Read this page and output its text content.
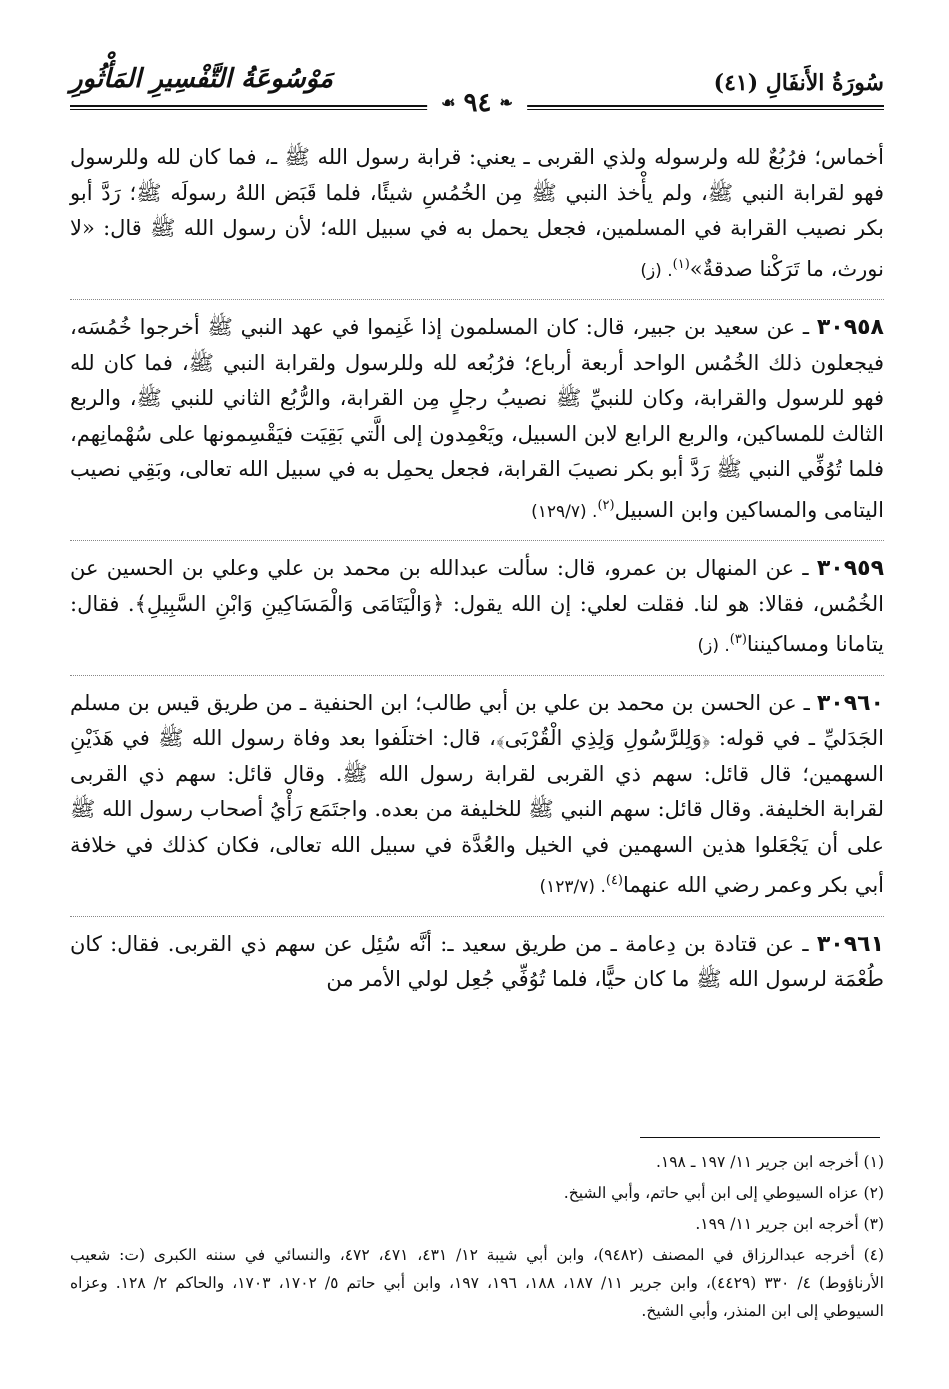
سُورَةُ الأَنفَالِ (٤١)
مَوْسُوعَةُ التَّفْسِيرِ المَأْثُورِ
❧
٩٤
☙

أخماس؛ فرُبُعٌ لله ولرسوله ولذي القربى ـ يعني: قرابة رسول الله ﷺ ـ، فما كان لله وللرسول فهو لقرابة النبي ﷺ، ولم يأْخذ النبي ﷺ مِن الخُمُسِ شيئًا، فلما قَبَض اللهُ رسولَه ﷺ؛ رَدَّ أبو بكر نصيب القرابة في المسلمين، فجعل يحمل به في سبيل الله؛ لأن رسول الله ﷺ قال: «لا نورث، ما تَرَكْنا صدقةٌ»$^{(١)}$. (ز)

٣٠٩٥٨ ـ عن سعيد بن جبير، قال: كان المسلمون إذا غَنِموا في عهد النبي ﷺ أخرجوا خُمُسَه، فيجعلون ذلك الخُمُس الواحد أربعة أرباع؛ فرُبُعه لله وللرسول ولقرابة النبي ﷺ، فما كان لله فهو للرسول والقرابة، وكان للنبيِّ ﷺ نصيبُ رجلٍ مِن القرابة، والرُّبُع الثاني للنبي ﷺ، والربع الثالث للمساكين، والربع الرابع لابن السبيل، ويَعْمِدون إلى الَّتي بَقِيَت فيَقْسِمونها على سُهْمانِهم، فلما تُوُفِّي النبي ﷺ رَدَّ أبو بكر نصيبَ القرابة، فجعل يحمِل به في سبيل الله تعالى، وبَقِي نصيب اليتامى والمساكين وابن السبيل$^{(٢)}$. (١٢٩/٧)

٣٠٩٥٩ ـ عن المنهال بن عمرو، قال: سألت عبدالله بن محمد بن علي وعلي بن الحسين عن الخُمُس، فقالا: هو لنا. فقلت لعلي: إن الله يقول: ﴿وَالْيَتَامَى وَالْمَسَاكِينِ وَابْنِ السَّبِيلِ﴾. فقال: يتامانا ومساكيننا$^{(٣)}$. (ز)

٣٠٩٦٠ ـ عن الحسن بن محمد بن علي بن أبي طالب؛ ابن الحنفية ـ من طريق قيس بن مسلم الجَدَليِّ ـ في قوله: ﴿وَلِلرَّسُولِ وَلِذِي الْقُرْبَى﴾، قال: اختلَفوا بعد وفاة رسول الله ﷺ في هَذَيْنِ السهمين؛ قال قائل: سهم ذي القربى لقرابة رسول الله ﷺ. وقال قائل: سهم ذي القربى لقرابة الخليفة. وقال قائل: سهم النبي ﷺ للخليفة من بعده. واجتَمَع رَأْيُ أصحاب رسول الله ﷺ على أن يَجْعَلوا هذين السهمين في الخيل والعُدَّة في سبيل الله تعالى، فكان كذلك في خلافة أبي بكر وعمر رضي الله عنهما$^{(٤)}$. (١٢٣/٧)

٣٠٩٦١ ـ عن قتادة بن دِعامة ـ من طريق سعيد ـ: أنَّه سُئِل عن سهم ذي القربى. فقال: كان طُعْمَة لرسول الله ﷺ ما كان حيًّا، فلما تُوُفِّي جُعِل لولي الأمر من

(١) أخرجه ابن جرير ١١/ ١٩٧ ـ ١٩٨.

(٢) عزاه السيوطي إلى ابن أبي حاتم، وأبي الشيخ.

(٣) أخرجه ابن جرير ١١/ ١٩٩.

(٤) أخرجه عبدالرزاق في المصنف (٩٤٨٢)، وابن أبي شيبة ١٢/ ٤٣١، ٤٧١، ٤٧٢، والنسائي في سننه الكبرى (ت: شعيب الأرناؤوط) ٤/ ٣٣٠ (٤٤٢٩)، وابن جرير ١١/ ١٨٧، ١٨٨، ١٩٦، ١٩٧، وابن أبي حاتم ٥/ ١٧٠٢، ١٧٠٣، والحاكم ٢/ ١٢٨. وعزاه السيوطي إلى ابن المنذر، وأبي الشيخ.
